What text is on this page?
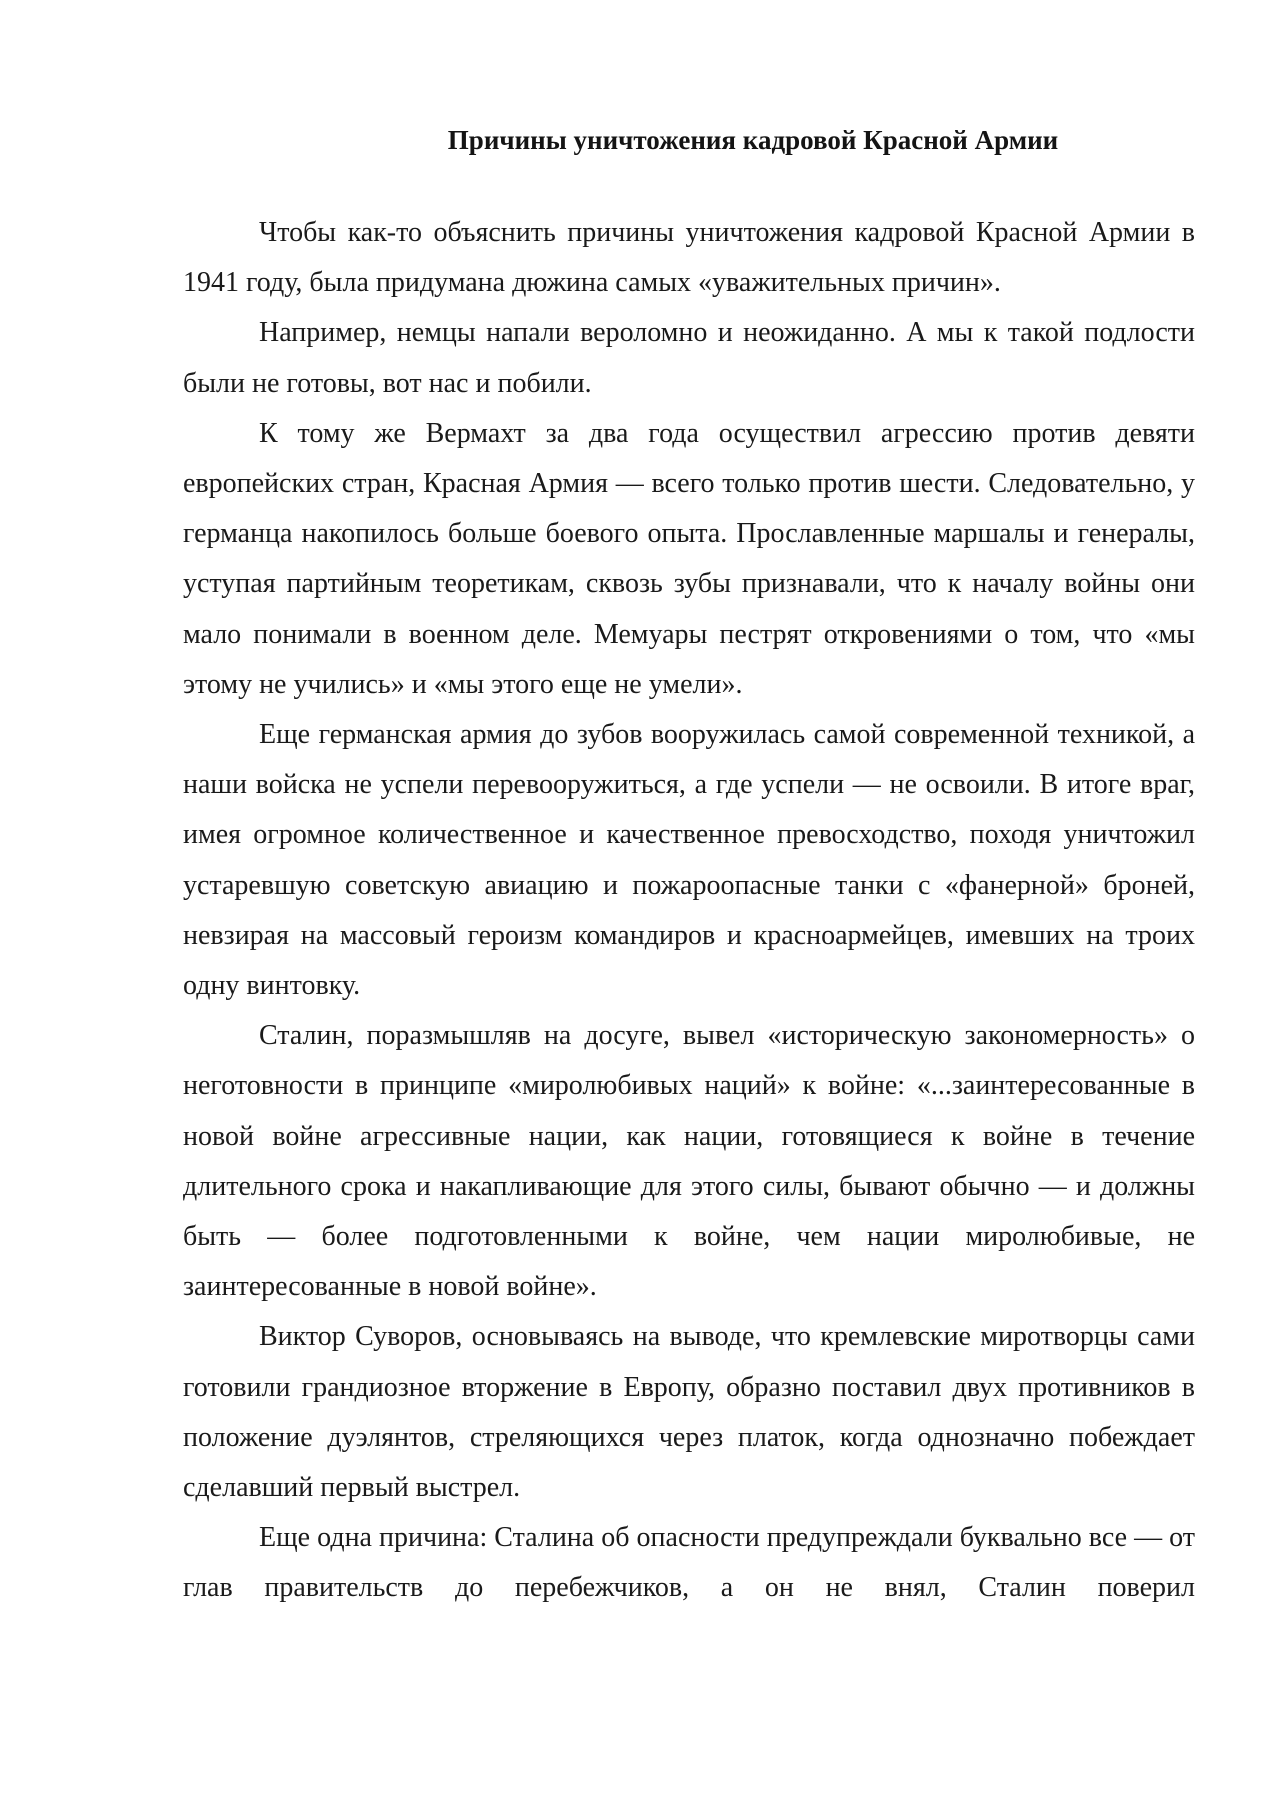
Причины уничтожения кадровой Красной Армии

Чтобы как-то объяснить причины уничтожения кадровой Красной Армии в 1941 году, была придумана дюжина самых «уважительных причин».

Например, немцы напали вероломно и неожиданно. А мы к такой подлости были не готовы, вот нас и побили.

К тому же Вермахт за два года осуществил агрессию против девяти европейских стран, Красная Армия — всего только против шести. Следовательно, у германца накопилось больше боевого опыта. Прославленные маршалы и генералы, уступая партийным теоретикам, сквозь зубы признавали, что к началу войны они мало понимали в военном деле. Мемуары пестрят откровениями о том, что «мы этому не учились» и «мы этого еще не умели».

Еще германская армия до зубов вооружилась самой современной техникой, а наши войска не успели перевооружиться, а где успели — не освоили. В итоге враг, имея огромное количественное и качественное превосходство, походя уничтожил устаревшую советскую авиацию и пожароопасные танки с «фанерной» броней, невзирая на массовый героизм командиров и красноармейцев, имевших на троих одну винтовку.

Сталин, поразмышляв на досуге, вывел «историческую закономерность» о неготовности в принципе «миролюбивых наций» к войне: «...заинтересованные в новой войне агрессивные нации, как нации, готовящиеся к войне в течение длительного срока и накапливающие для этого силы, бывают обычно — и должны быть — более подготовленными к войне, чем нации миролюбивые, не заинтересованные в новой войне».

Виктор Суворов, основываясь на выводе, что кремлевские миротворцы сами готовили грандиозное вторжение в Европу, образно поставил двух противников в положение дуэлянтов, стреляющихся через платок, когда однозначно побеждает сделавший первый выстрел.

Еще одна причина: Сталина об опасности предупреждали буквально все — от глав правительств до перебежчиков, а он не внял, Сталин поверил
